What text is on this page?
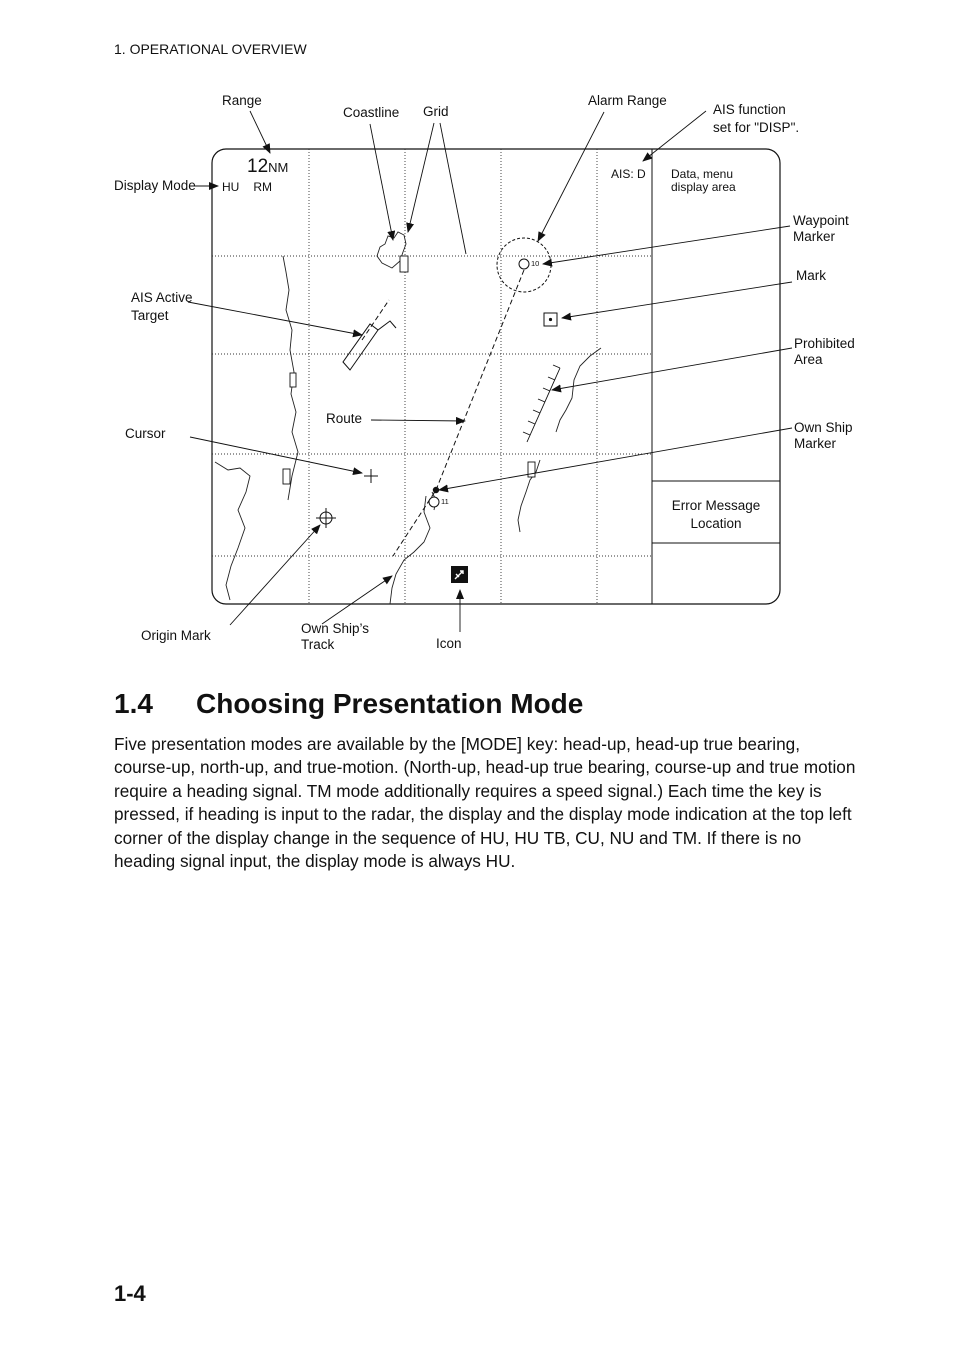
1. OPERATIONAL OVERVIEW
12NM
HU RM
AIS: D Data, menu
display area
Error Message
Location
10
11
Range
Coastline Grid
Alarm Range
AIS function
set for "DISP".
Display Mode
Waypoint
Marker
Mark
AIS Active
Target
Prohibited
Area
Route
Cursor	Own Ship
Marker
Origin Mark	Own Ship’s
Track	Icon
1.4 Choosing Presentation Mode
Five presentation modes are available by the [MODE] key: head-up, head-up true bearing, course-up, north-up, and true-motion. (North-up, head-up true bearing, course-up and true motion require a heading signal. TM mode additionally requires a speed signal.) Each time the key is pressed, if heading is input to the radar, the display and the display mode indication at the top left corner of the display change in the sequence of HU, HU TB, CU, NU and TM. If there is no heading signal input, the display mode is always HU.
1-4
